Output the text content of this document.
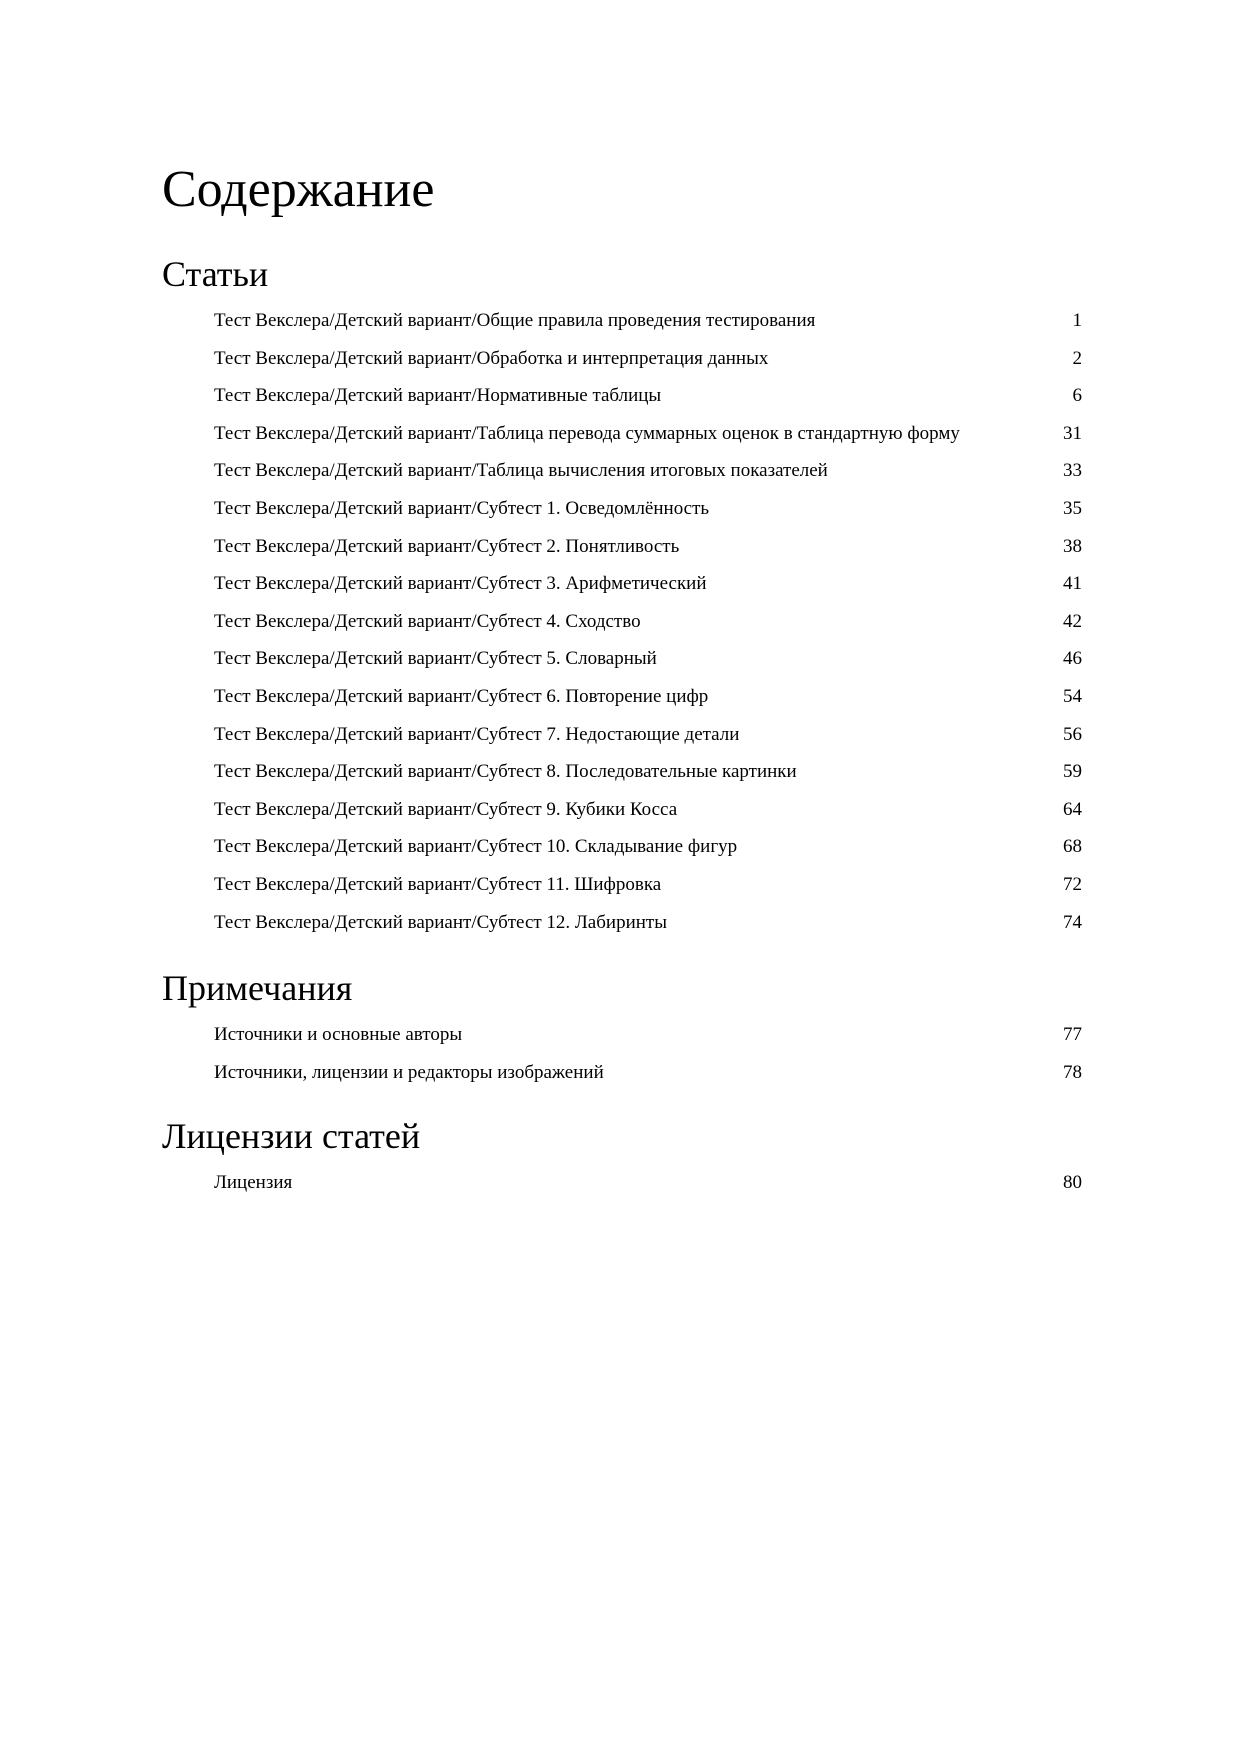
Содержание
Статьи
Тест Векслера/Детский вариант/Общие правила проведения тестирования	1
Тест Векслера/Детский вариант/Обработка и интерпретация данных	2
Тест Векслера/Детский вариант/Нормативные таблицы	6
Тест Векслера/Детский вариант/Таблица перевода суммарных оценок в стандартную форму	31
Тест Векслера/Детский вариант/Таблица вычисления итоговых показателей	33
Тест Векслера/Детский вариант/Субтест 1. Осведомлённость	35
Тест Векслера/Детский вариант/Субтест 2. Понятливость	38
Тест Векслера/Детский вариант/Субтест 3. Арифметический	41
Тест Векслера/Детский вариант/Субтест 4. Сходство	42
Тест Векслера/Детский вариант/Субтест 5. Словарный	46
Тест Векслера/Детский вариант/Субтест 6. Повторение цифр	54
Тест Векслера/Детский вариант/Субтест 7. Недостающие детали	56
Тест Векслера/Детский вариант/Субтест 8. Последовательные картинки	59
Тест Векслера/Детский вариант/Субтест 9. Кубики Косса	64
Тест Векслера/Детский вариант/Субтест 10. Складывание фигур	68
Тест Векслера/Детский вариант/Субтест 11. Шифровка	72
Тест Векслера/Детский вариант/Субтест 12. Лабиринты	74
Примечания
Источники и основные авторы	77
Источники, лицензии и редакторы изображений	78
Лицензии статей
Лицензия	80
